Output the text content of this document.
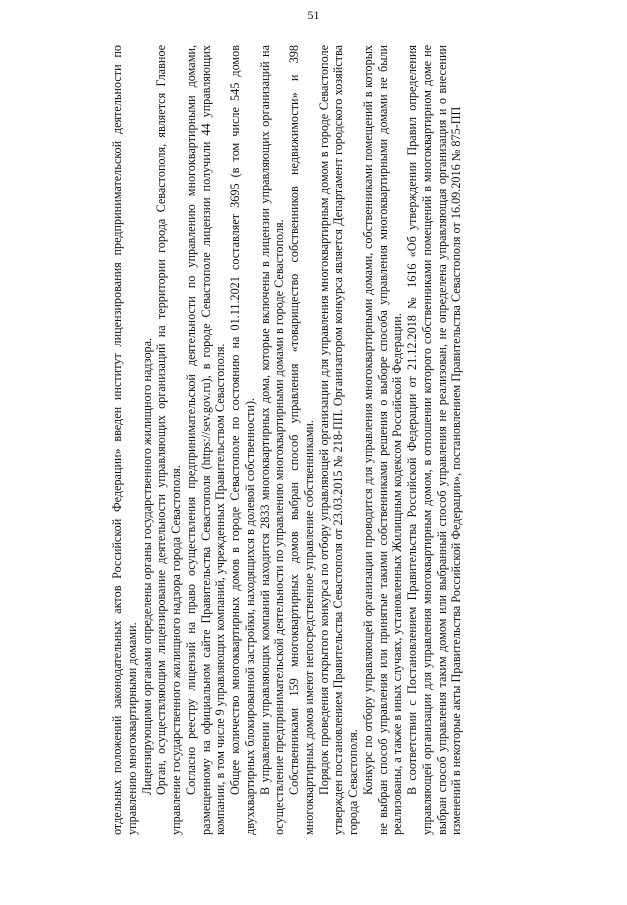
51

отдельных положений законодательных актов Российской Федерации» введен институт лицензирования предпринимательской деятельности по управлению многоквартирными домами. Лицензирующими органами определены органы государственного жилищного надзора. Орган, осуществляющим лицензирование деятельности управляющих организаций на территории города Севастополя, является Главное управление государственного жилищного надзора города Севастополя. Согласно реестру лицензий на право осуществления предпринимательской деятельности по управлению многоквартирными домами, размещенному на официальном сайте Правительства Севастополя (https://sev.gov.ru), в городе Севастополе лицензии получили 44 управляющих компании, в том числе 9 управляющих компаний, учрежденных Правительством Севастополя. Общее количество многоквартирных домов в городе Севастополе по состоянию на 01.11.2021 составляет 3695 (в том числе 545 домов двухквартирных блокированной застройки, находящихся в долевой собственности). В управлении управляющих компаний находится 2833 многоквартирных дома, которые включены в лицензии управляющих организаций на осуществление предпринимательской деятельности по управлению многоквартирными домами в городе Севастополя. Собственниками 159 многоквартирных домов выбран способ управления «товарищество собственников недвижимости» и 398 многоквартирных домов имеют непосредственное управление собственниками. Порядок проведения открытого конкурса по отбору управляющей организации для управления многоквартирным домом в городе Севастополе утвержден постановлением Правительства Севастополя от 23.03.2015 № 218-ПП. Организатором конкурса является Департамент городского хозяйства города Севастополя. Конкурс по отбору управляющей организации проводится для управления многоквартирными домами, собственниками помещений в которых не выбран способ управления или принятые такими собственниками решения о выборе способа управления многоквартирными домами не были реализованы, а также в иных случаях, установленных Жилищным кодексом Российской Федерации. В соответствии с Постановлением Правительства Российской Федерации от 21.12.2018 № 1616 «Об утверждении Правил определения управляющей организации для управления многоквартирным домом, в отношении которого собственниками помещений в многоквартирном доме не выбран способ управления таким домом или выбранный способ управления не реализован, не определена управляющая организация и о внесении изменений в некоторые акты Правительства Российской Федерации», постановлением Правительства Севастополя от 16.09.2016 № 875-ПП
